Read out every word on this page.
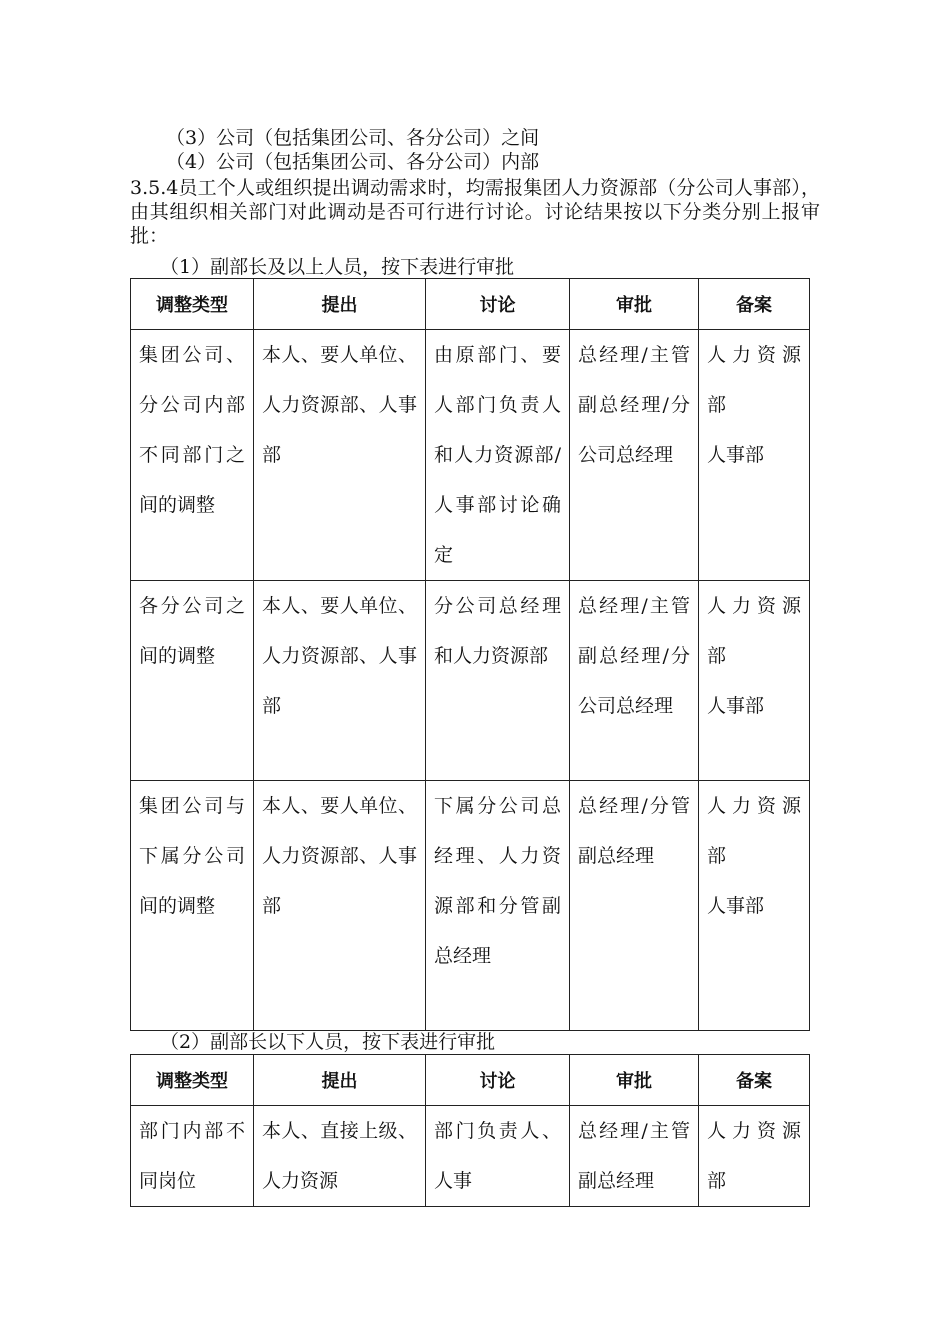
（3）公司（包括集团公司、各分公司）之间
（4）公司（包括集团公司、各分公司）内部
3.5.4员工个人或组织提出调动需求时，均需报集团人力资源部（分公司人事部），由其组织相关部门对此调动是否可行进行讨论。讨论结果按以下分类分别上报审批：
（1）副部长及以上人员，按下表进行审批
调整类型	提出	讨论	审批	备案
集团公司、分公司内部不同部门之间的调整	本人、要人单位、人力资源部、人事部	由原部门、要人部门负责人和人力资源部/人事部讨论确定	总经理/主管副总经理/分公司总经理	人力资源部
人事部
各分公司之间的调整	本人、要人单位、人力资源部、人事部	分公司总经理和人力资源部	总经理/主管副总经理/分公司总经理	人力资源部
人事部
集团公司与下属分公司间的调整	本人、要人单位、人力资源部、人事部	下属分公司总经理、人力资源部和分管副总经理	总经理/分管副总经理	人力资源部
人事部
（2）副部长以下人员，按下表进行审批
调整类型	提出	讨论	审批	备案
部门内部不同岗位	本人、直接上级、人力资源	部门负责人、人事	总经理/主管副总经理	人力资源部
